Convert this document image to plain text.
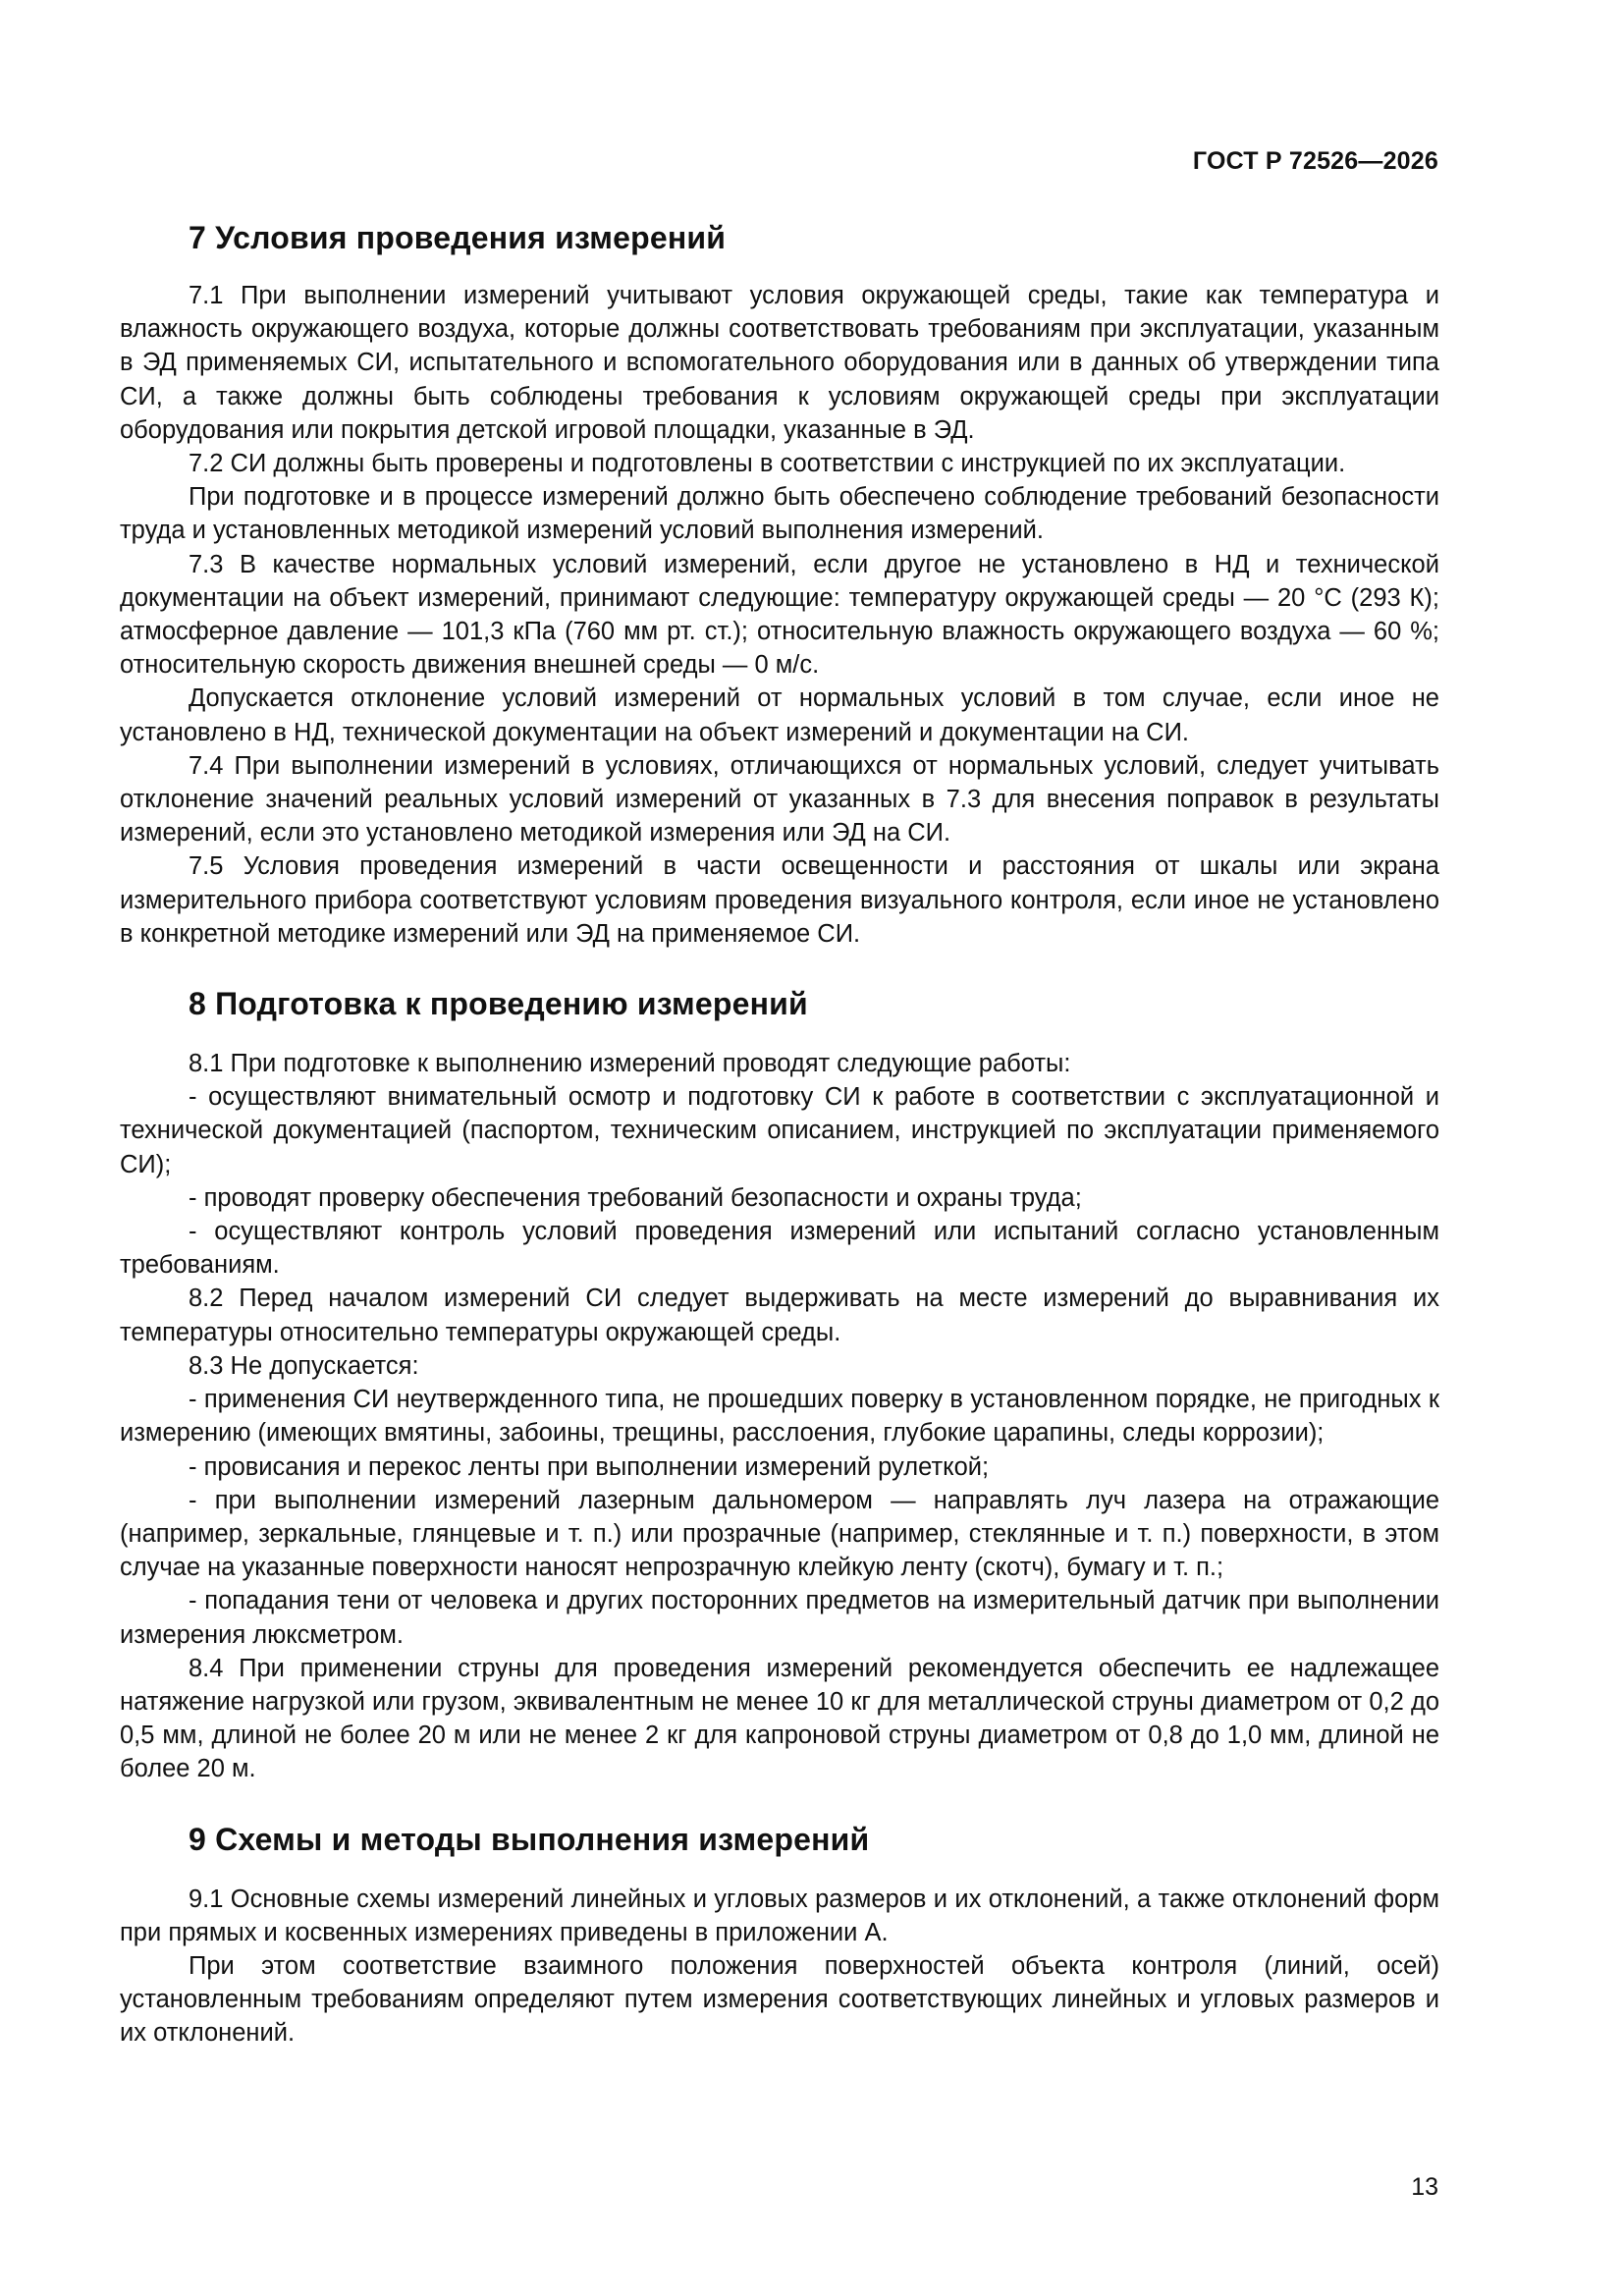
ГОСТ Р 72526—2026
7 Условия проведения измерений

7.1 При выполнении измерений учитывают условия окружающей среды, такие как температура и влажность окружающего воздуха, которые должны соответствовать требованиям при эксплуатации, указанным в ЭД применяемых СИ, испытательного и вспомогательного оборудования или в данных об утверждении типа СИ, а также должны быть соблюдены требования к условиям окружающей среды при эксплуатации оборудования или покрытия детской игровой площадки, указанные в ЭД.

7.2 СИ должны быть проверены и подготовлены в соответствии с инструкцией по их эксплуатации.

При подготовке и в процессе измерений должно быть обеспечено соблюдение требований безопасности труда и установленных методикой измерений условий выполнения измерений.

7.3 В качестве нормальных условий измерений, если другое не установлено в НД и технической документации на объект измерений, принимают следующие: температуру окружающей среды — 20 °С (293 К); атмосферное давление — 101,3 кПа (760 мм рт. ст.); относительную влажность окружающего воздуха — 60 %; относительную скорость движения внешней среды — 0 м/с.

Допускается отклонение условий измерений от нормальных условий в том случае, если иное не установлено в НД, технической документации на объект измерений и документации на СИ.

7.4 При выполнении измерений в условиях, отличающихся от нормальных условий, следует учитывать отклонение значений реальных условий измерений от указанных в 7.3 для внесения поправок в результаты измерений, если это установлено методикой измерения или ЭД на СИ.

7.5 Условия проведения измерений в части освещенности и расстояния от шкалы или экрана измерительного прибора соответствуют условиям проведения визуального контроля, если иное не установлено в конкретной методике измерений или ЭД на применяемое СИ.

8 Подготовка к проведению измерений

8.1 При подготовке к выполнению измерений проводят следующие работы:

- осуществляют внимательный осмотр и подготовку СИ к работе в соответствии с эксплуатационной и технической документацией (паспортом, техническим описанием, инструкцией по эксплуатации применяемого СИ);

- проводят проверку обеспечения требований безопасности и охраны труда;

- осуществляют контроль условий проведения измерений или испытаний согласно установленным требованиям.

8.2 Перед началом измерений СИ следует выдерживать на месте измерений до выравнивания их температуры относительно температуры окружающей среды.

8.3 Не допускается:

- применения СИ неутвержденного типа, не прошедших поверку в установленном порядке, не пригодных к измерению (имеющих вмятины, забоины, трещины, расслоения, глубокие царапины, следы коррозии);

- провисания и перекос ленты при выполнении измерений рулеткой;

- при выполнении измерений лазерным дальномером — направлять луч лазера на отражающие (например, зеркальные, глянцевые и т. п.) или прозрачные (например, стеклянные и т. п.) поверхности, в этом случае на указанные поверхности наносят непрозрачную клейкую ленту (скотч), бумагу и т. п.;

- попадания тени от человека и других посторонних предметов на измерительный датчик при выполнении измерения люксметром.

8.4 При применении струны для проведения измерений рекомендуется обеспечить ее надлежащее натяжение нагрузкой или грузом, эквивалентным не менее 10 кг для металлической струны диаметром от 0,2 до 0,5 мм, длиной не более 20 м или не менее 2 кг для капроновой струны диаметром от 0,8 до 1,0 мм, длиной не более 20 м.

9 Схемы и методы выполнения измерений

9.1 Основные схемы измерений линейных и угловых размеров и их отклонений, а также отклонений форм при прямых и косвенных измерениях приведены в приложении А.

При этом соответствие взаимного положения поверхностей объекта контроля (линий, осей) установленным требованиям определяют путем измерения соответствующих линейных и угловых размеров и их отклонений.

13
